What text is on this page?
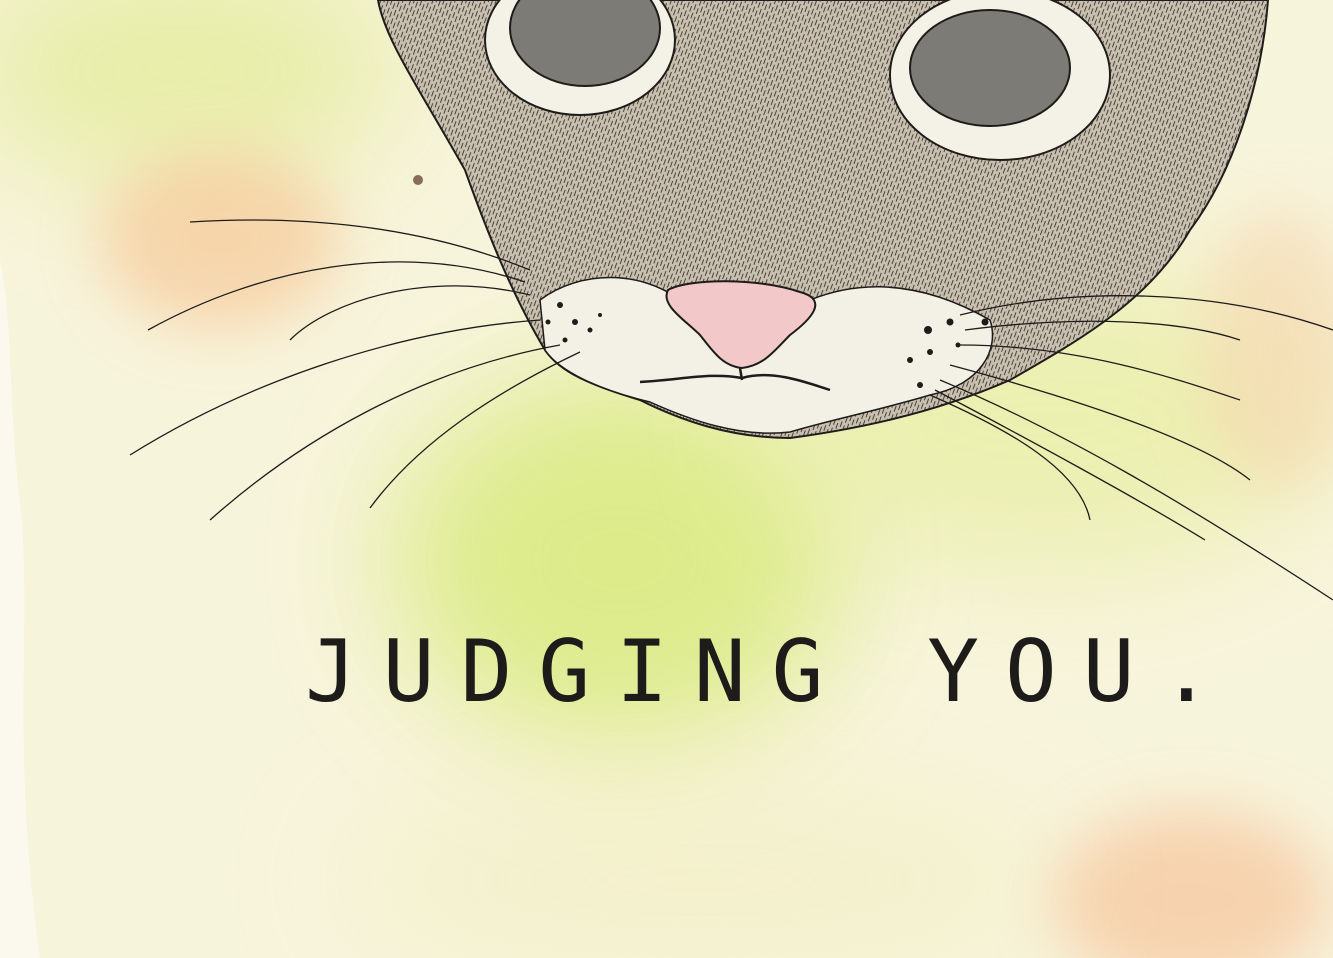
JUDGING YOU.
